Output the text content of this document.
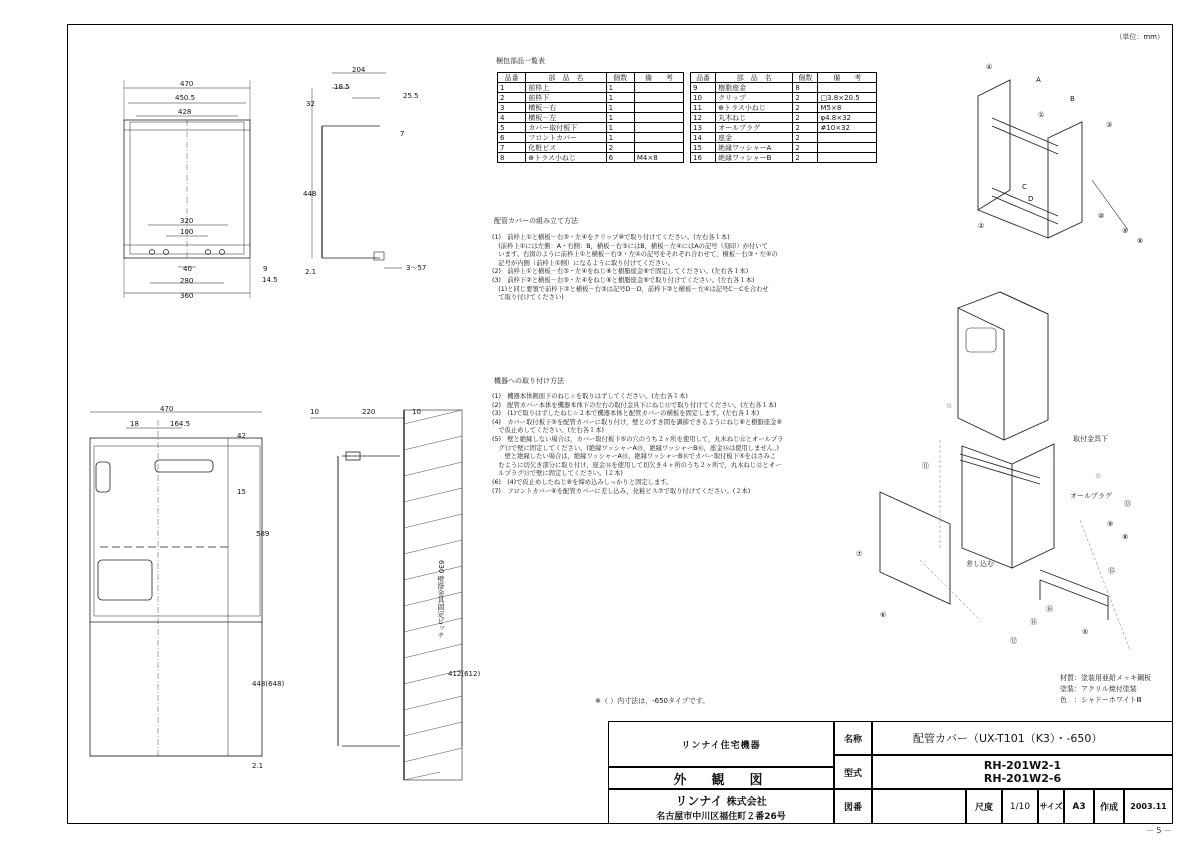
（単位：mm）
470
450.5
428
320
100
40
280
360
32
448
2.1
9
14.5
204
18.5
25.5
7
3～57
470
18	164.5
42
15
589
448(648)
2.1
10	220	10
630 壁掛金具固定ピッチ
412(612)
※（ ）内寸法は，-650タイプです。
梱包部品一覧表
品番	部　品　名	個数	備　　考
1	前枠上	1	
2	前枠下	1	
3	横板－右	1	
4	横板－左	1	
5	カバー取付板下	1	
6	フロントカバー	1	
7	化粧ビス	2	
8	⊕トラス小ねじ	6	M4×8
品番	部　品　名	個数	備　　考
9	樹脂座金	8	
10	クリップ	2	□3.8×20.5
11	⊕トラス小ねじ	2	M5×8
12	丸木ねじ	2	φ4.8×32
13	オールプラグ	2	#10×32
14	座金	2	
15	絶縁ワッシャーA	2	
16	絶縁ワッシャーB	2	
配管カバーの組み立て方法
(1)　前枠上①と横板－右③・左④をクリップ⑩で取り付けてください。(左右各１本)
　(前枠上①には左側：A・右側：B，横板－右③にはB，横板－左④にはAの記号（刻印）が付いて
　います。右図のように前枠上①と横板－右③・左④の記号をそれぞれ合わせて，横板－右③・左④の
　記号が内側（前枠上①側）になるように取り付けてください。
(2)　前枠上①と横板－右③・左④をねじ⑧と樹脂座金⑨で固定してください。(左右各１本)
(3)　前枠下②と横板－右③・左④をねじ⑧と樹脂座金⑨で取り付けてください。(左右各１本)
　(1)と同じ要領で前枠下②と横板－右③は記号D－D，前枠下②と横板－左④は記号C－Cを合わせ
　て取り付けてください)
機器への取り付け方法
(1)　機器本体側面下のねじ☆を取りはずしてください。(左右各１本)
(2)　配管カバー本体を機器本体下の左右の取付金具下にねじ⑪で取り付けてください。(左右各１本)
(3)　(1)で取りはずしたねじ☆２本で機器本体と配管カバーの横板を固定します。(左右各１本)
(4)　カバー取付板下⑤を配管カバーに取り付け，壁とのすき間を調節できるようにねじ⑧と樹脂座金⑨
　で仮止めしてください。(左右各１本)
(5)　壁と絶縁しない場合は，カバー取付板下⑤の穴のうち２ヶ所を使用して，丸木ねじ⑫とオールプラ
　グ⑬で壁に固定してください。(絶縁ワッシャーA⑮，絶縁ワッシャーB⑯，座金⑭は使用しません。)
　　壁と絶縁したい場合は，絶縁ワッシャーA⑮，絶縁ワッシャーB⑯でカバー取付板下⑤をはさみこ
　むように切欠き部分に取り付け，座金⑭を使用して切欠き４ヶ所のうち２ヶ所で，丸木ねじ⑫とオー
　ルプラグ⑬で壁に固定してください。(２本)
(6)　(4)で仮止めしたねじ⑧を締め込みしっかりと固定します。
(7)　フロントカバー⑥を配管カバーに差し込み，化粧ビス⑦で取り付けてください。(２本)
④
A
B
①
③
C
D
②
⑩
⑨
⑧
取付金具下
☆
⑪
☆
オールプラグ
⑬
⑦
⑨
⑧
⑥
差し込む
⑮
⑯
⑭
⑫
⑤
材質：塗装用亜鉛メッキ鋼板
塗装：アクリル焼付塗装
色　：シャドーホワイトⅢ
リンナイ住宅機器
外　観　図
リンナイ 株式会社
名古屋市中川区福住町２番26号
名称	配管カバー（UX-T101（K3）・-650）
型式
RH-201W2-1
RH-201W2-6
図番	尺度	1/10	サイズ	A3	作成	2003.11
－ 5 －
